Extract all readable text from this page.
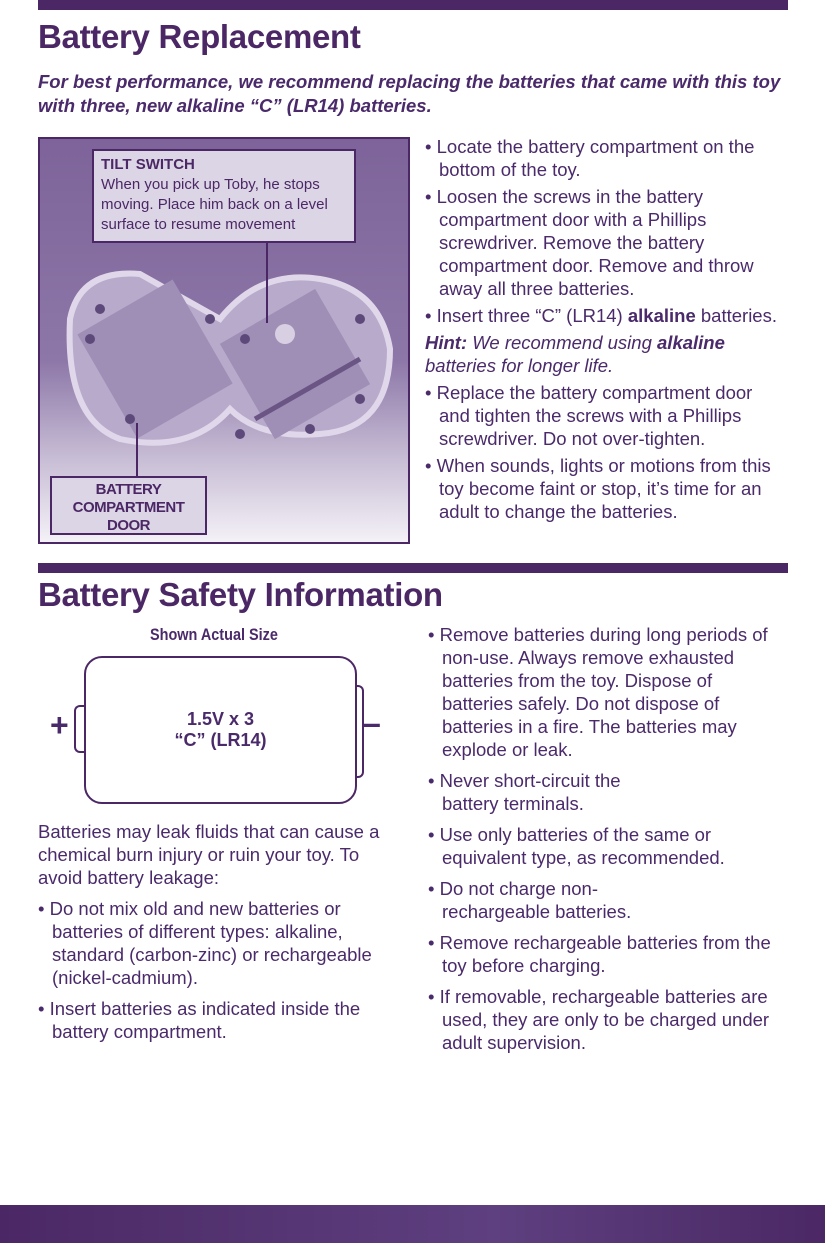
Battery Replacement

For best performance, we recommend replacing the batteries that came with this toy with three, new alkaline “C” (LR14) batteries.

TILT SWITCH
When you pick up Toby, he stops moving. Place him back on a level surface to resume movement
BATTERY COMPARTMENT DOOR
• Locate the battery compartment on the bottom of the toy.
• Loosen the screws in the battery compartment door with a Phillips screwdriver. Remove the battery compartment door. Remove and throw away all three batteries.
• Insert three “C” (LR14) alkaline batteries.

Hint: We recommend using alkaline batteries for longer life.

• Replace the battery compartment door and tighten the screws with a Phillips screwdriver. Do not over-tighten.
• When sounds, lights or motions from this toy become faint or stop, it’s time for an adult to change the batteries.
Battery Safety Information
Shown Actual Size
1.5V x 3
“C” (LR14)
+	–

Batteries may leak fluids that can cause a chemical burn injury or ruin your toy. To avoid battery leakage:

• Do not mix old and new batteries or batteries of different types: alkaline, standard (carbon-zinc) or rechargeable (nickel-cadmium).
• Insert batteries as indicated inside the battery compartment.
• Remove batteries during long periods of non-use. Always remove exhausted batteries from the toy. Dispose of batteries safely. Do not dispose of batteries in a fire. The batteries may explode or leak.
• Never short-circuit the battery terminals.
• Use only batteries of the same or equivalent type, as recommended.
• Do not charge non-rechargeable batteries.
• Remove rechargeable batteries from the toy before charging.
• If removable, rechargeable batteries are used, they are only to be charged under adult supervision.
